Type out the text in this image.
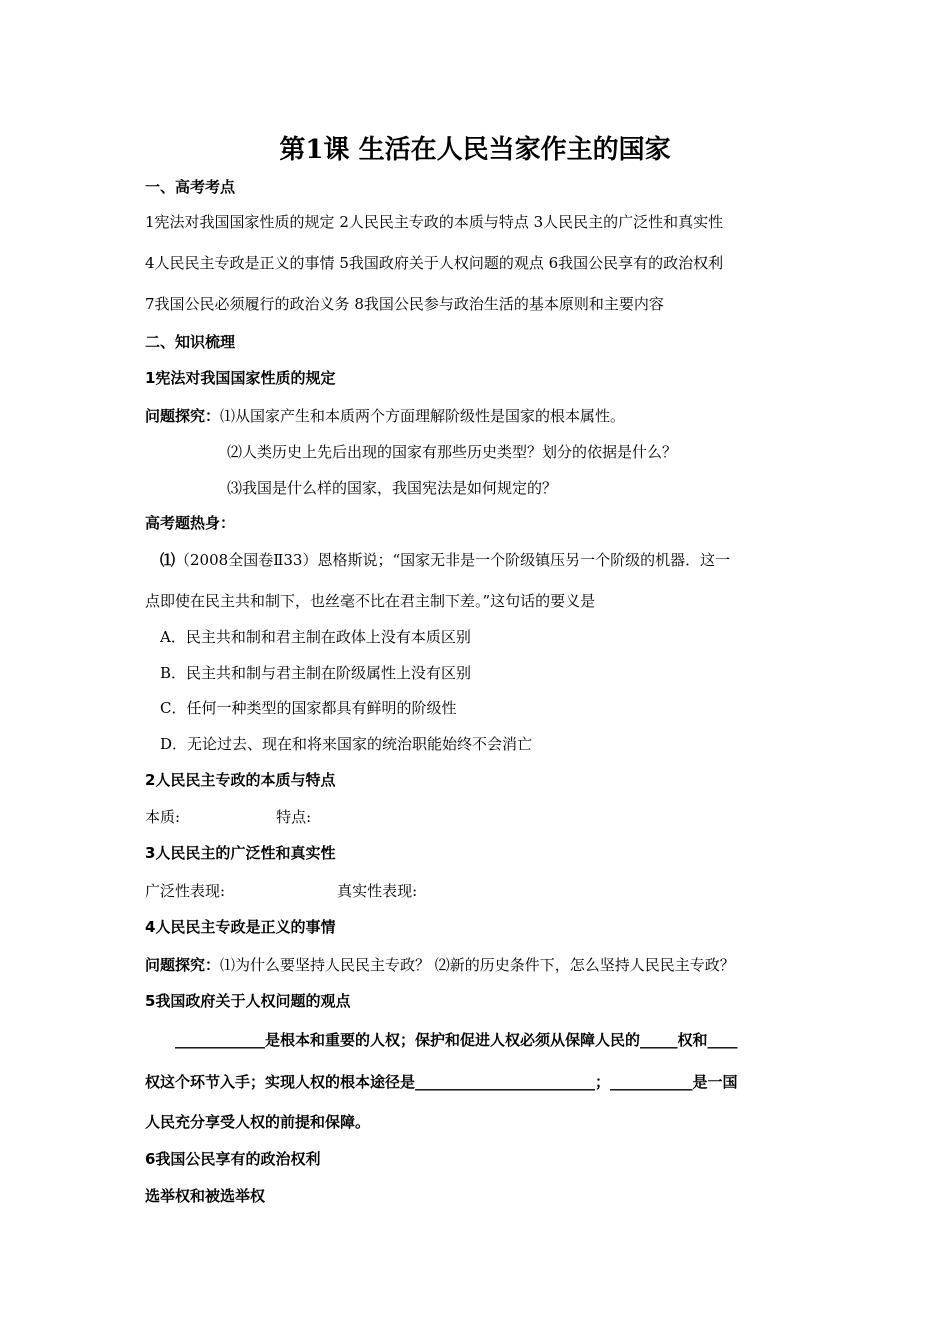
第1课 生活在人民当家作主的国家
一、高考考点
1宪法对我国国家性质的规定 2人民民主专政的本质与特点 3人民民主的广泛性和真实性
4人民民主专政是正义的事情 5我国政府关于人权问题的观点 6我国公民享有的政治权利
7我国公民必须履行的政治义务 8我国公民参与政治生活的基本原则和主要内容
二、知识梳理
1宪法对我国国家性质的规定
问题探究：⑴从国家产生和本质两个方面理解阶级性是国家的根本属性。
⑵人类历史上先后出现的国家有那些历史类型？划分的依据是什么？
⑶我国是什么样的国家，我国宪法是如何规定的？
高考题热身：
⑴（2008全国卷Ⅱ33）恩格斯说；“国家无非是一个阶级镇压另一个阶级的机器．这一
点即使在民主共和制下，也丝毫不比在君主制下差。”这句话的要义是
A．民主共和制和君主制在政体上没有本质区别
B．民主共和制与君主制在阶级属性上没有区别
C．任何一种类型的国家都具有鲜明的阶级性
D．无论过去、现在和将来国家的统治职能始终不会消亡
2人民民主专政的本质与特点
本质:	特点:
3人民民主的广泛性和真实性
广泛性表现:	真实性表现:
4人民民主专政是正义的事情
问题探究：⑴为什么要坚持人民民主专政？ ⑵新的历史条件下，怎么坚持人民民主专政？
5我国政府关于人权问题的观点
____________是根本和重要的人权；保护和促进人权必须从保障人民的_____权和____
权这个环节入手；实现人权的根本途径是________________________；___________是一国
人民充分享受人权的前提和保障。
6我国公民享有的政治权利
选举权和被选举权
